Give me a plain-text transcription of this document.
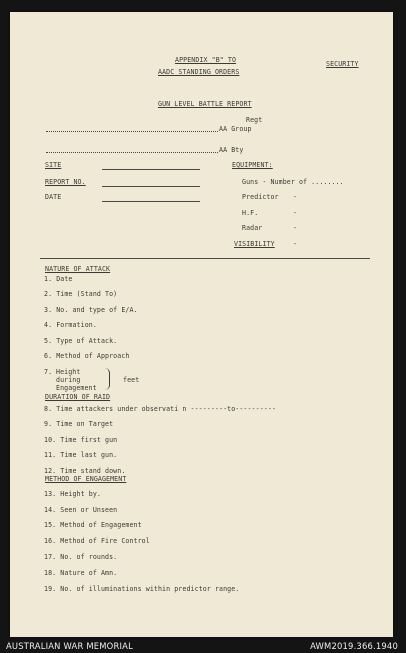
APPENDIX "B" TO
AADC STANDING ORDERS
SECURITY
GUN LEVEL BATTLE REPORT
Regt
AA Group
AA Bty
SITE
REPORT NO.
DATE
EQUIPMENT:
Guns - Number of ........
Predictor -
H.F.	-
Radar	-
VISIBILITY	-
NATURE OF ATTACK
1. Date
2. Time (Stand To)
3. No. and type of E/A.
4. Formation.
5. Type of Attack.
6. Method of Approach
7. Height
during
Engagement
feet
DURATION OF RAID
8. Time attackers under observati n ---------to----------
9. Time on Target
10. Time first gun
11. Time last gun.
12. Time stand down.
METHOD OF ENGAGEMENT
13. Height by.
14. Seen or Unseen
15. Method of Engagement
16. Method of Fire Control
17. No. of rounds.
18. Nature of Amn.
19. No. of illuminations within predictor range.
AUSTRALIAN WAR MEMORIAL	AWM2019.366.1940
